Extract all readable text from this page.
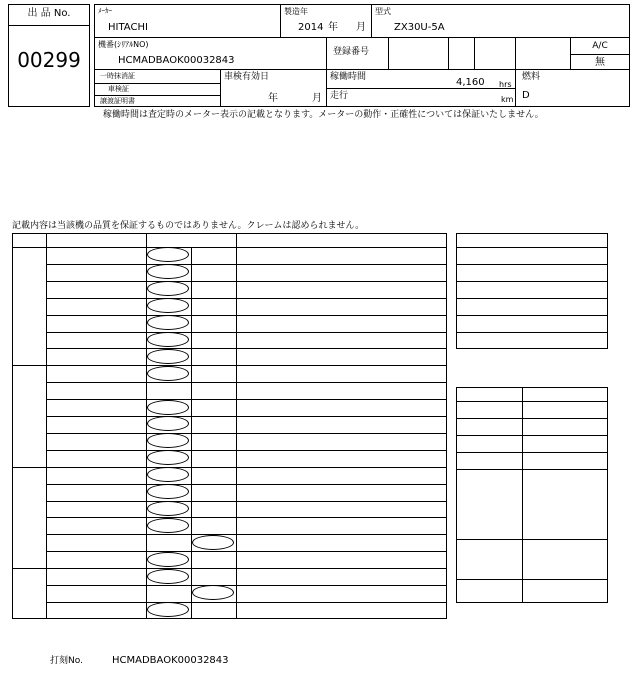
出 品 No.
00299
ﾒｰｶｰ
HITACHI
製造年
2014 年 月
型式
ZX30U-5A
機番(ｼﾘｱﾙNO)
HCMADBAOK00032843
登録番号
A/C
無
一時抹消証
車検証
譲渡証明書
車検有効日
年	月
稼働時間	4,160 hrs
走行	km
燃料
D
稼働時間は査定時のメーター表示の記載となります。メーターの動作・正確性については保証いたしません。
記載内容は当該機の品質を保証するものではありません。クレームは認められません。
打刻No.	HCMADBAOK00032843
